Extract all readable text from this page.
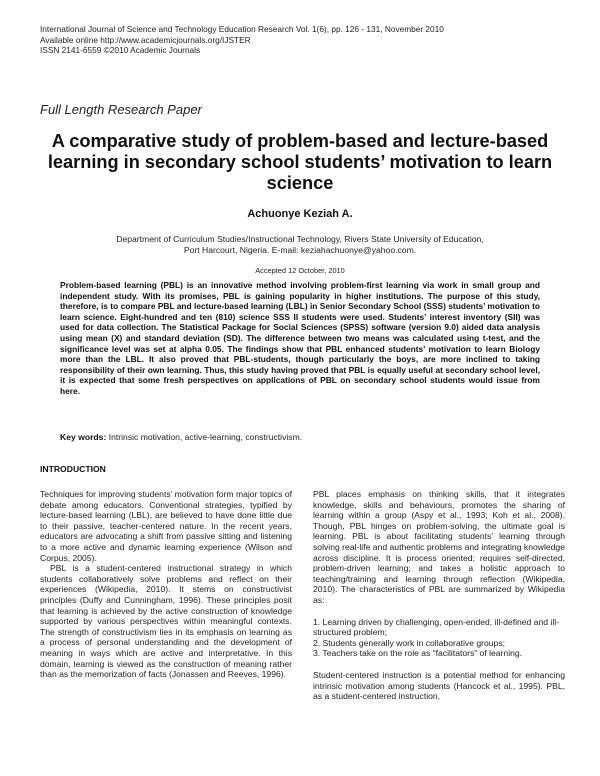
International Journal of Science and Technology Education Research Vol. 1(6), pp. 126 - 131, November 2010
Available online http://www.academicjournals.org/IJSTER
ISSN 2141-6559 ©2010 Academic Journals
Full Length Research Paper
A comparative study of problem-based and lecture-based learning in secondary school students’ motivation to learn science
Achuonye Keziah A.
Department of Curriculum Studies/Instructional Technology, Rivers State University of Education,
Port Harcourt, Nigeria. E-mail: keziahachuonye@yahoo.com.
Accepted 12 October, 2010
Problem-based learning (PBL) is an innovative method involving problem-first learning via work in small group and independent study. With its promises, PBL is gaining popularity in higher institutions. The purpose of this study, therefore, is to compare PBL and lecture-based learning (LBL) in Senior Secondary School (SSS) students’ motivation to learn science. Eight-hundred and ten (810) science SSS II students were used. Students’ interest inventory (SII) was used for data collection. The Statistical Package for Social Sciences (SPSS) software (version 9.0) aided data analysis using mean (X) and standard deviation (SD). The difference between two means was calculated using t-test, and the significance level was set at alpha 0.05. The findings show that PBL enhanced students’ motivation to learn Biology more than the LBL. It also proved that PBL-students, though particularly the boys, are more inclined to taking responsibility of their own learning. Thus, this study having proved that PBL is equally useful at secondary school level, it is expected that some fresh perspectives on applications of PBL on secondary school students would issue from here.
Key words: Intrinsic motivation, active-learning, constructivism.
INTRODUCTION

Techniques for improving students’ motivation form major topics of debate among educators. Conventional strategies, typified by lecture-based learning (LBL), are believed to have done little due to their passive, teacher-centered nature. In the recent years, educators are advocating a shift from passive sitting and listening to a more active and dynamic learning experience (Wilson and Corpus, 2005).

PBL is a student-centered instructional strategy in which students collaboratively solve problems and reflect on their experiences (Wikipedia, 2010). It stems on constructivist principles (Duffy and Cunningham, 1996). These principles posit that learning is achieved by the active construction of knowledge supported by various perspectives within meaningful contexts. The strength of constructivism lies in its emphasis on learning as a process of personal understanding and the development of meaning in ways which are active and interpretative. In this domain, learning is viewed as the construction of meaning rather than as the memorization of facts (Jonassen and Reeves, 1996).

PBL places emphasis on thinking skills, that it integrates knowledge, skills and behaviours, promotes the sharing of learning within a group (Aspy et al., 1993; Koh et al., 2008). Though, PBL hinges on problem-solving, the ultimate goal is learning. PBL is about facilitating students’ learning through solving real-life and authentic problems and integrating knowledge across discipline. It is process oriented; requires self-directed, problem-driven learning; and takes a holistic approach to teaching/training and learning through reflection (Wikipedia, 2010). The characteristics of PBL are summarized by Wikipedia as:

1. Learning driven by challenging, open-ended, ill-defined and ill-structured problem;
2. Students generally work in collaborative groups;
3. Teachers take on the role as “facilitators” of learning.

Student-centered instruction is a potential method for enhancing intrinsic motivation among students (Hancock et al., 1995). PBL, as a student-centered instruction,
